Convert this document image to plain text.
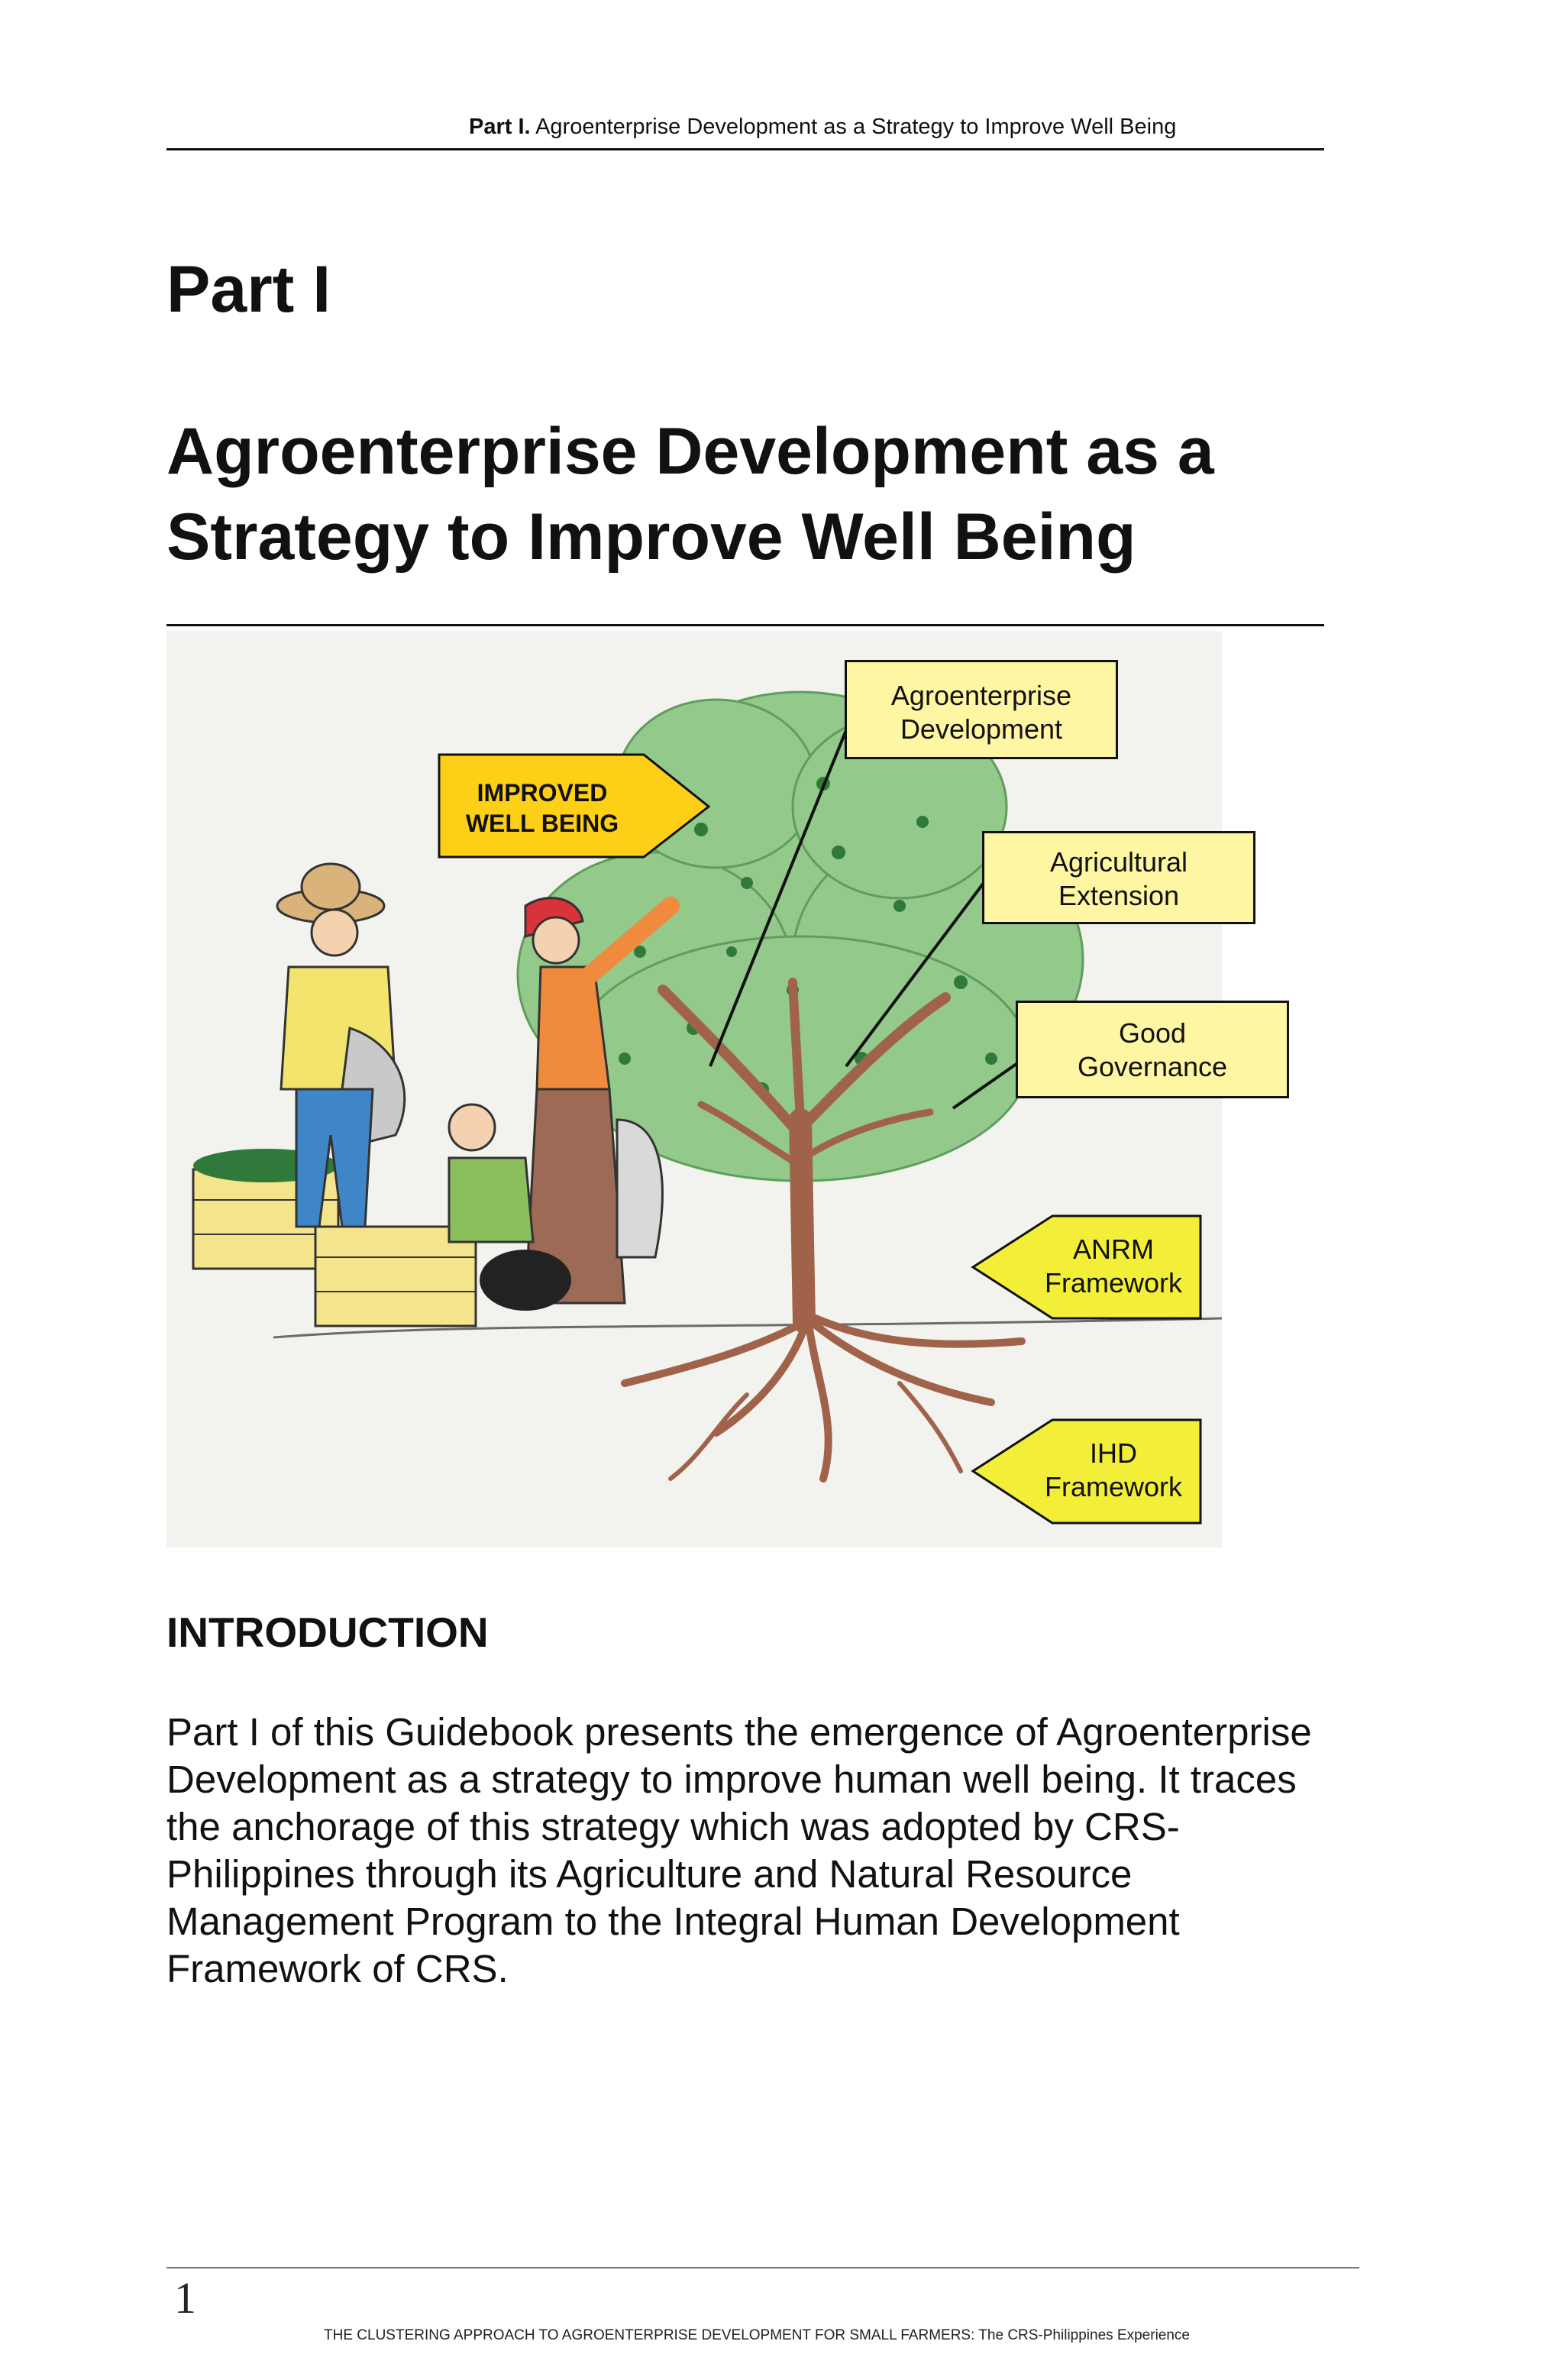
Part I. Agroenterprise Development as a Strategy to Improve Well Being
Part I
Agroenterprise Development as a Strategy to Improve Well Being
IMPROVED
WELL BEING
Agroenterprise
Development
Agricultural
Extension
Good
Governance
ANRM
Framework
IHD
Framework
INTRODUCTION

Part I of this Guidebook presents the emergence of Agroenterprise Development as a strategy to improve human well being. It traces the anchorage of this strategy which was adopted by CRS-Philippines through its Agriculture and Natural Resource Management Program to the Integral Human Development Framework of CRS.

1
THE CLUSTERING APPROACH TO AGROENTERPRISE DEVELOPMENT FOR SMALL FARMERS: The CRS-Philippines Experience
